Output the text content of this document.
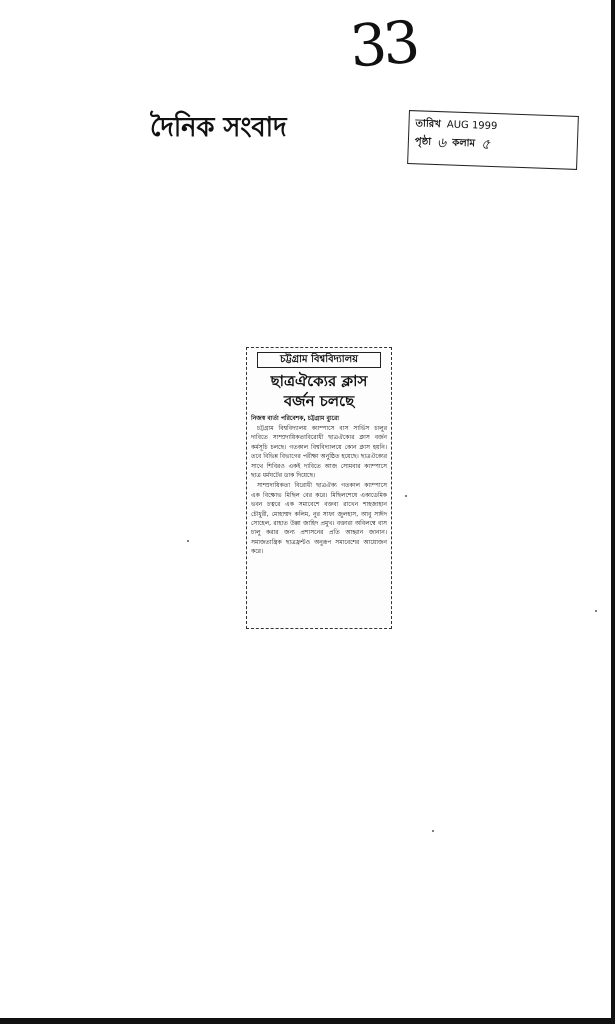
33
দৈনিক সংবাদ	তারিখ AUG 1999
পৃষ্ঠা ৬ কলাম ৫
চট্টগ্রাম বিশ্ববিদ্যালয়
ছাত্রঐক্যের ক্লাস
বর্জন চলছে
নিজস্ব বার্তা পরিবেশক, চট্টগ্রাম ব্যুরো

চট্টগ্রাম বিশ্ববিদ্যালয় ক্যাম্পাসে বাস সার্ভিস চালুর দাবিতে সাম্প্রদায়িকতাবিরোধী ছাত্রঐক্যের ক্লাস বর্জন কর্মসূচি চলছে। গতকাল বিশ্ববিদ্যালয়ে কোন ক্লাস হয়নি। তবে বিভিন্ন বিভাগের পরীক্ষা অনুষ্ঠিত হয়েছে। ছাত্রঐক্যের সাথে শিবিরও একই দাবিতে আজ সোমবার ক্যাম্পাসে ছাত্র ধর্মঘটের ডাক দিয়েছে।

সাম্প্রদায়িকতা বিরোধী ছাত্রঐক্য গতকাল ক্যাম্পাসে এক বিক্ষোভ মিছিল বের করে। মিছিলশেষে একাডেমিক ভবন চত্বরে এক সমাবেশে বক্তব্য রাখেন শাহজাহান চৌধুরী, মোহাম্মদ কলিম, নুর সাফা জুলহাস, আবু সাঈদ সোহেল, রাহাত উল্লা জাহিদ প্রমুখ। বক্তারা অবিলম্বে বাস চালু করার জন্য প্রশাসনের প্রতি আহ্বান জানান। সমাজতান্ত্রিক ছাত্রফ্রন্টও অনুরূপ সমাবেশের আয়োজন করে।
